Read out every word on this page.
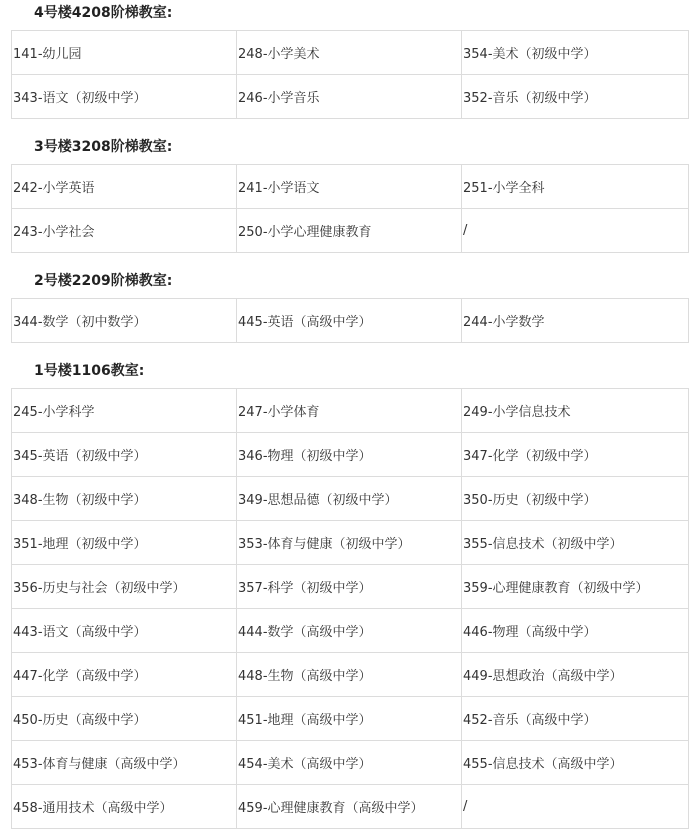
4号楼4208阶梯教室:
141-幼儿园	248-小学美术	354-美术（初级中学）
343-语文（初级中学）	246-小学音乐	352-音乐（初级中学）
3号楼3208阶梯教室:
242-小学英语	241-小学语文	251-小学全科
243-小学社会	250-小学心理健康教育	/
2号楼2209阶梯教室:
344-数学（初中数学）	445-英语（高级中学）	244-小学数学
1号楼1106教室:
245-小学科学	247-小学体育	249-小学信息技术
345-英语（初级中学）	346-物理（初级中学）	347-化学（初级中学）
348-生物（初级中学）	349-思想品德（初级中学）	350-历史（初级中学）
351-地理（初级中学）	353-体育与健康（初级中学）	355-信息技术（初级中学）
356-历史与社会（初级中学）	357-科学（初级中学）	359-心理健康教育（初级中学）
443-语文（高级中学）	444-数学（高级中学）	446-物理（高级中学）
447-化学（高级中学）	448-生物（高级中学）	449-思想政治（高级中学）
450-历史（高级中学）	451-地理（高级中学）	452-音乐（高级中学）
453-体育与健康（高级中学）	454-美术（高级中学）	455-信息技术（高级中学）
458-通用技术（高级中学）	459-心理健康教育（高级中学）	/
